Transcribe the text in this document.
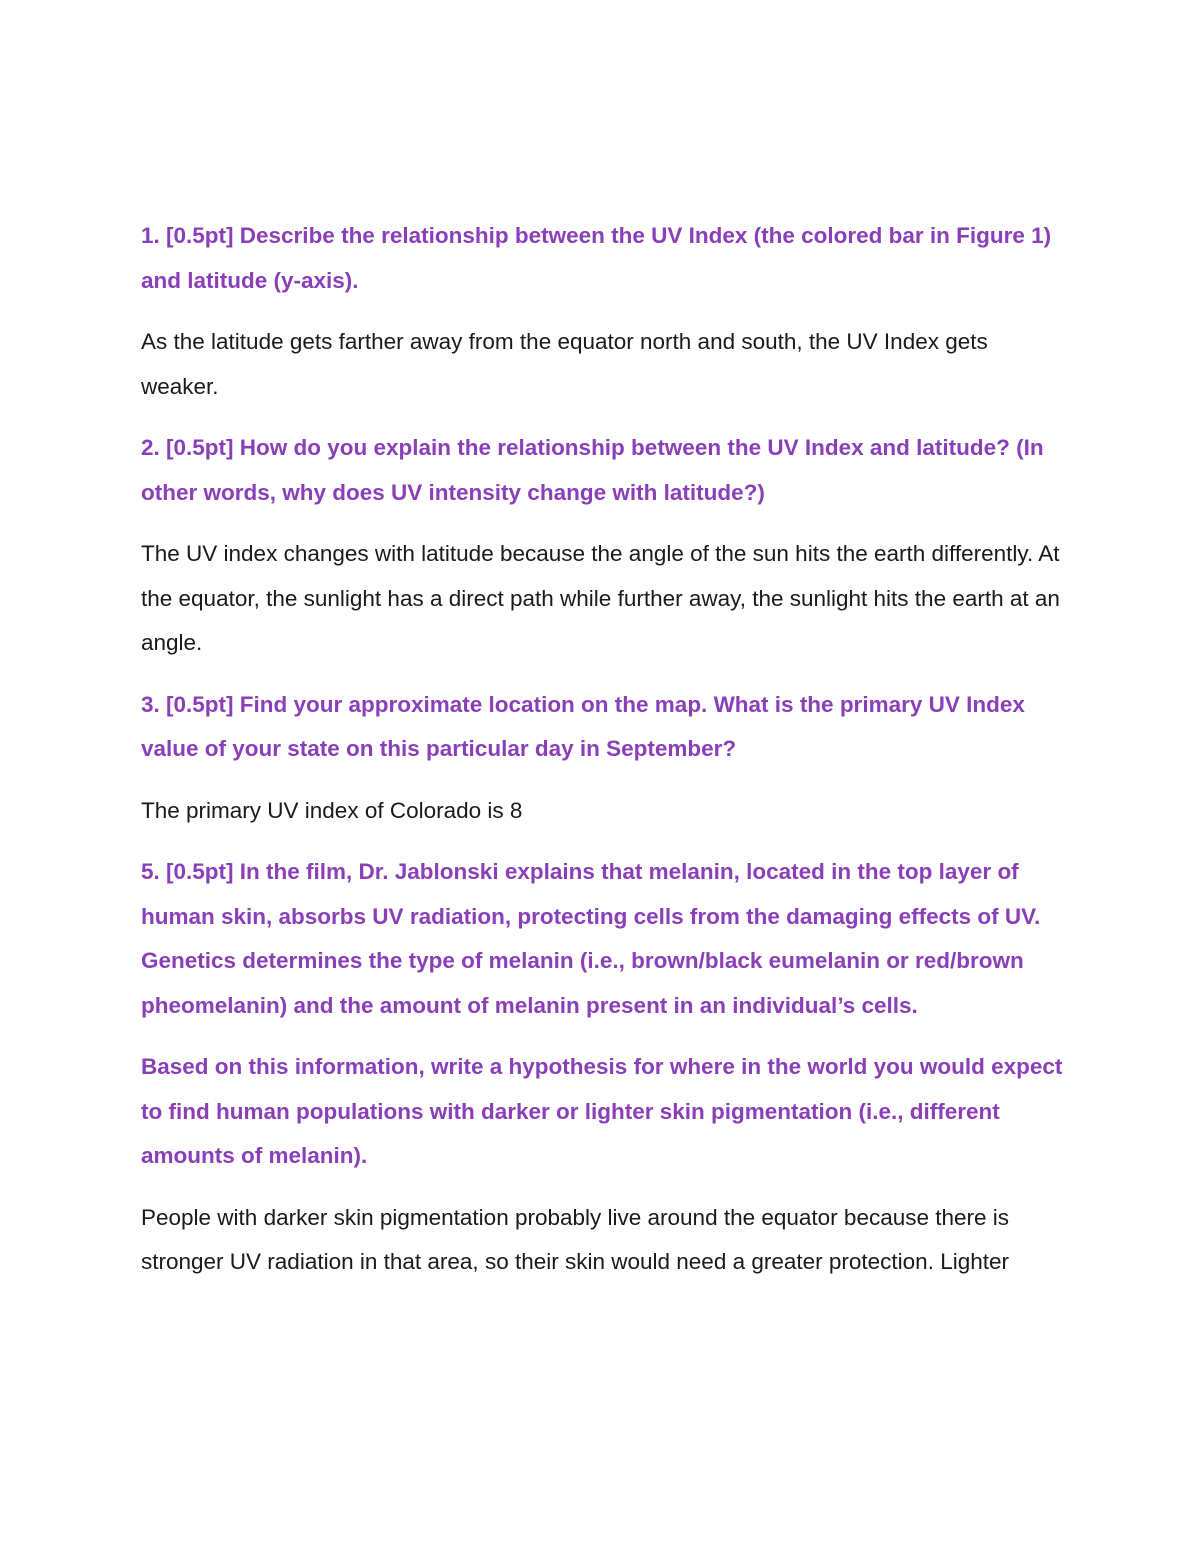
1. [0.5pt] Describe the relationship between the UV Index (the colored bar in Figure 1) and latitude (y-axis).

As the latitude gets farther away from the equator north and south, the UV Index gets weaker.

2. [0.5pt] How do you explain the relationship between the UV Index and latitude? (In other words, why does UV intensity change with latitude?)

The UV index changes with latitude because the angle of the sun hits the earth differently. At the equator, the sunlight has a direct path while further away, the sunlight hits the earth at an angle.

3. [0.5pt] Find your approximate location on the map. What is the primary UV Index value of your state on this particular day in September?

The primary UV index of Colorado is 8

5. [0.5pt] In the film, Dr. Jablonski explains that melanin, located in the top layer of human skin, absorbs UV radiation, protecting cells from the damaging effects of UV. Genetics determines the type of melanin (i.e., brown/black eumelanin or red/brown pheomelanin) and the amount of melanin present in an individual’s cells.

Based on this information, write a hypothesis for where in the world you would expect to find human populations with darker or lighter skin pigmentation (i.e., different amounts of melanin).

People with darker skin pigmentation probably live around the equator because there is stronger UV radiation in that area, so their skin would need a greater protection. Lighter
